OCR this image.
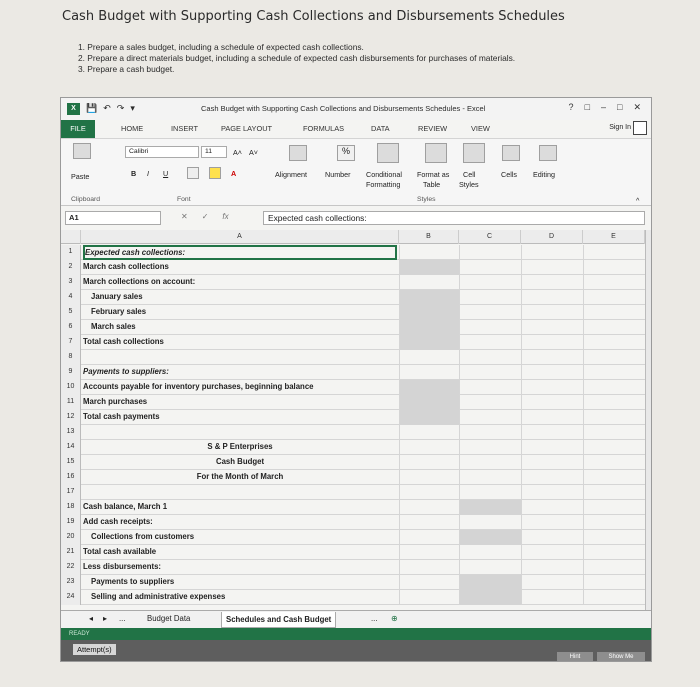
Cash Budget with Supporting Cash Collections and Disbursements Schedules
1. Prepare a sales budget, including a schedule of expected cash collections.
2. Prepare a direct materials budget, including a schedule of expected cash disbursements for purchases of materials.
3. Prepare a cash budget.
X	💾 ↶ ↷ ▾	Cash Budget with Supporting Cash Collections and Disbursements Schedules - Excel	? □ – □ ✕
FILE	HOME	INSERT	PAGE LAYOUT	FORMULAS	DATA	REVIEW	VIEW	Sign In
Paste
Clipboard
Calibri	11	A˄ A˅
B I U	A
Font
Alignment
%
Number Conditional
Formatting
Format as
Table
Cell
Styles
Styles
Cells Editing
^
A1	✕ ✓ fx	Expected cash collections:
A	B	C	D	E
1	Expected cash collections:
2	March cash collections
3	March collections on account:
4	January sales
5	February sales
6	March sales
7	Total cash collections
8
9	Payments to suppliers:
10	Accounts payable for inventory purchases, beginning balance
11	March purchases
12	Total cash payments
13
14	S & P Enterprises
15	Cash Budget
16	For the Month of March
17
18	Cash balance, March 1
19	Add cash receipts:
20	Collections from customers
21	Total cash available
22	Less disbursements:
23	Payments to suppliers
24	Selling and administrative expenses
◂ ▸ ...	Budget Data	Schedules and Cash Budget	... ⊕
READY
Attempt(s)
Hint	Show Me
